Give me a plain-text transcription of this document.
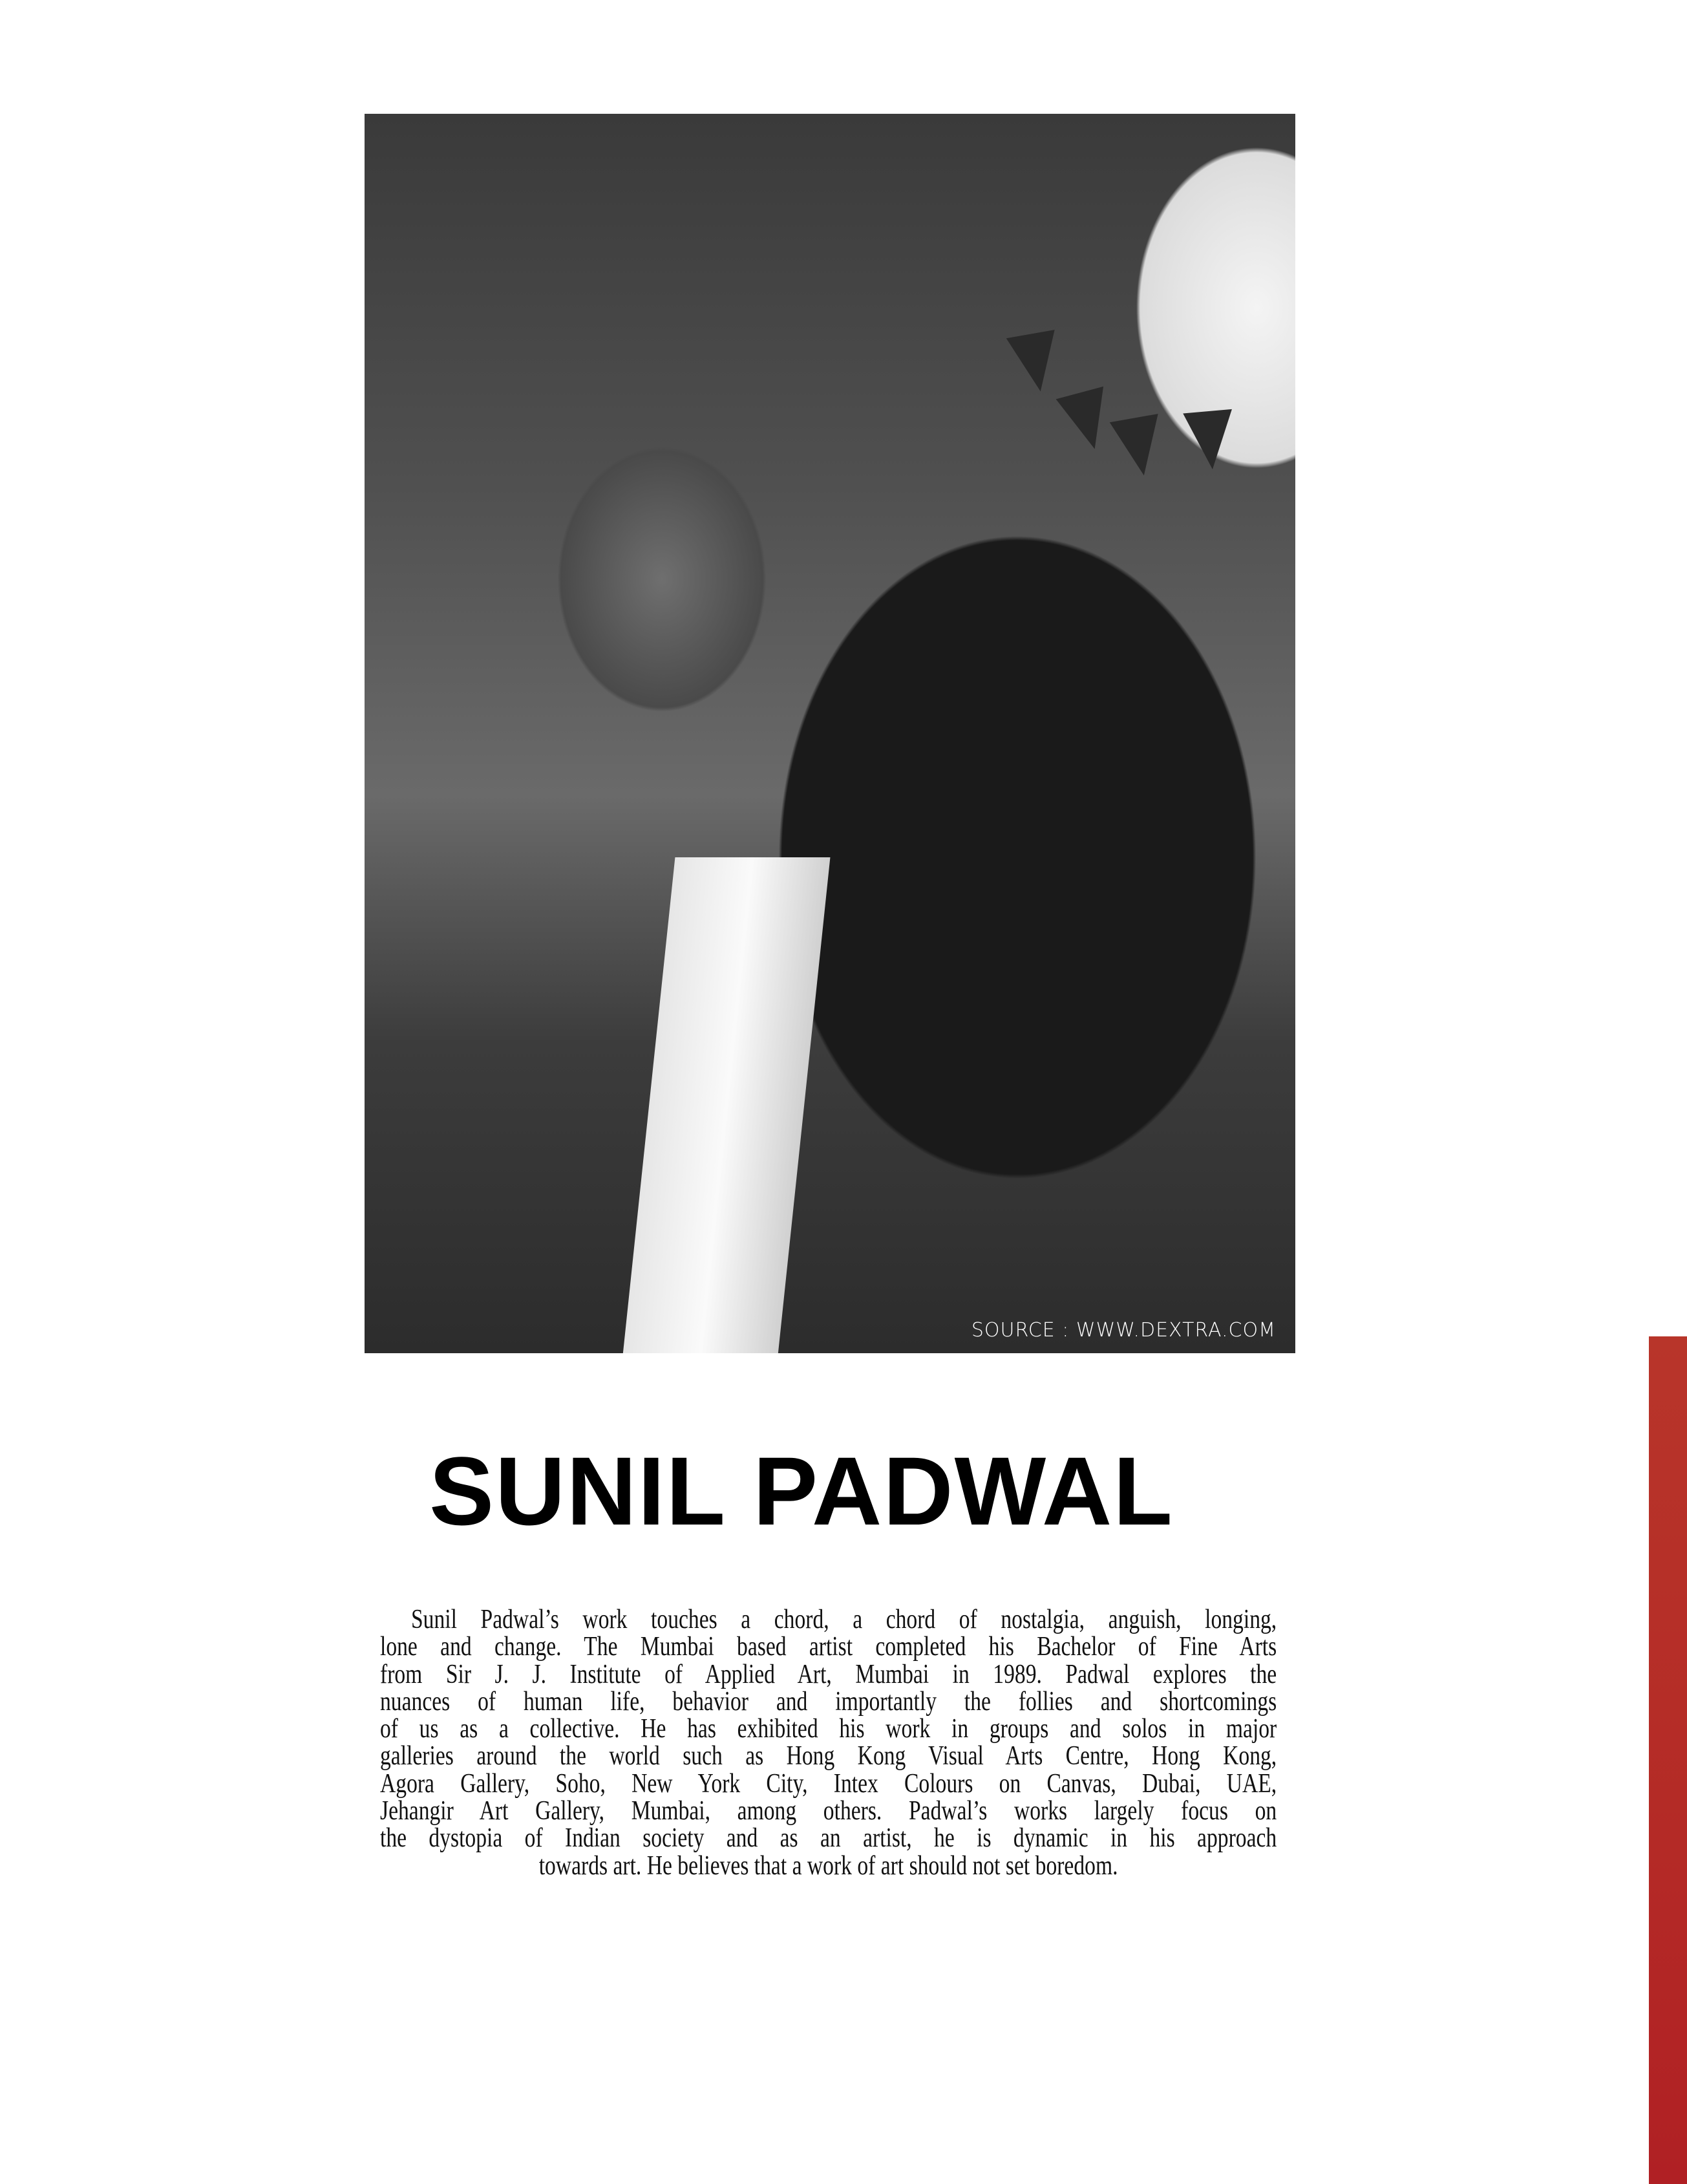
SOURCE : WWW.DEXTRA.COM
SUNIL PADWAL
Sunil Padwal’s work touches a chord, a chord of nostalgia, anguish, longing,
lone and change. The Mumbai based artist completed his Bachelor of Fine Arts
from Sir J. J. Institute of Applied Art, Mumbai in 1989. Padwal explores the
nuances of human life, behavior and importantly the follies and shortcomings
of us as a collective. He has exhibited his work in groups and solos in major
galleries around the world such as Hong Kong Visual Arts Centre, Hong Kong,
Agora Gallery, Soho, New York City, Intex Colours on Canvas, Dubai, UAE,
Jehangir Art Gallery, Mumbai, among others. Padwal’s works largely focus on
the dystopia of Indian society and as an artist, he is dynamic in his approach
towards art. He believes that a work of art should not set boredom.
